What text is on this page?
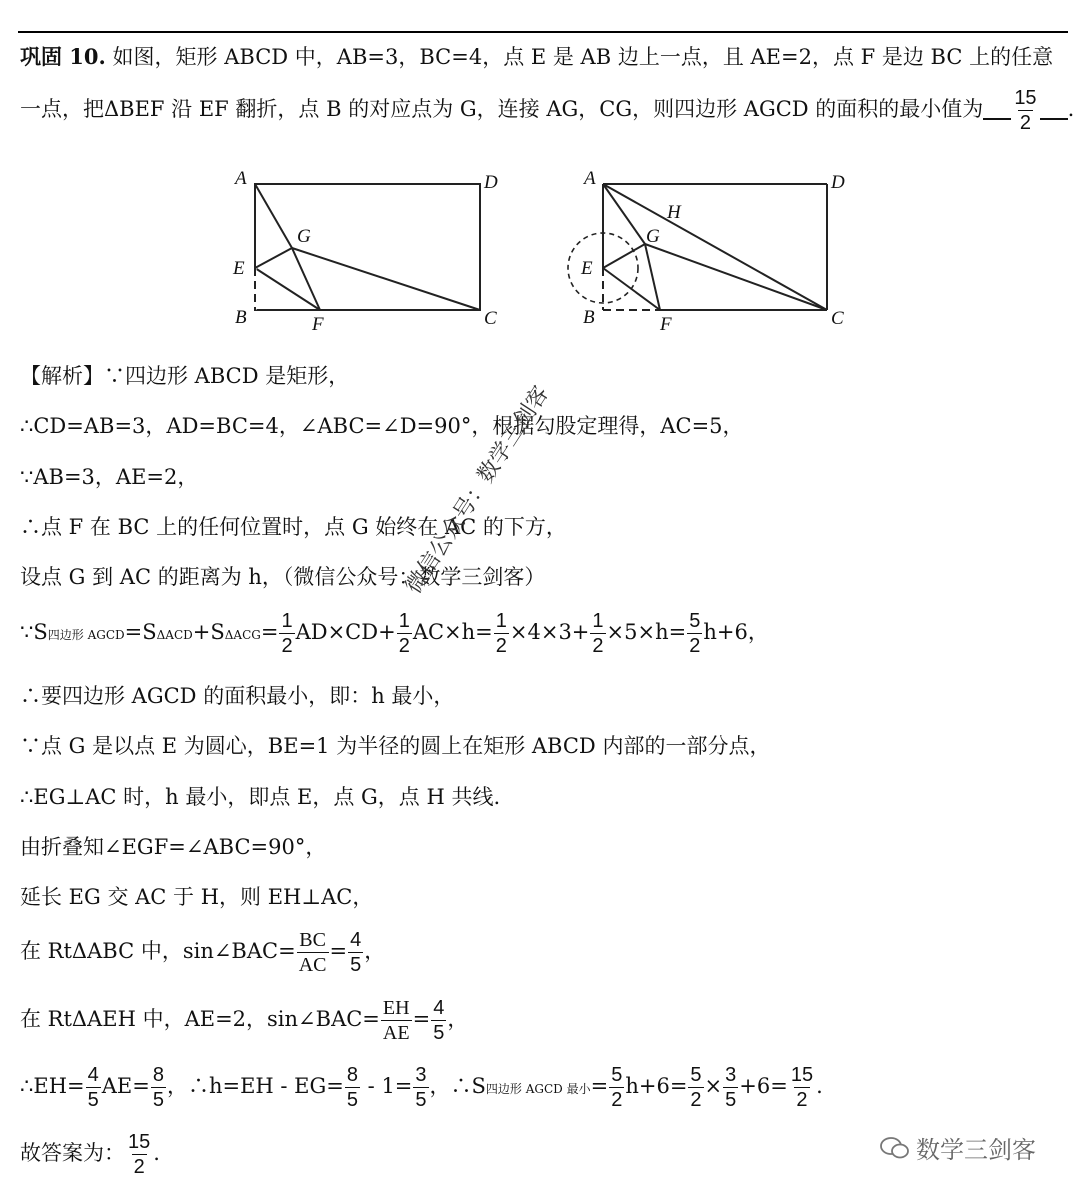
巩固 10. 如图，矩形 ABCD 中，AB=3，BC=4，点 E 是 AB 边上一点，且 AE=2，点 F 是边 BC 上的任意
一点，把ΔBEF 沿 EF 翻折，点 B 的对应点为 G，连接 AG，CG，则四边形 AGCD 的面积的最小值为 $\frac{15}{2}$ .
A	D
G
E
B	F	C
A	D
H
G
E
B	F	C
【解析】∵四边形 ABCD 是矩形，
∴CD=AB=3，AD=BC=4，∠ABC=∠D=90°，根据勾股定理得，AC=5，
∵AB=3，AE=2，
∴点 F 在 BC 上的任何位置时，点 G 始终在 AC 的下方，
设点 G 到 AC 的距离为 h，（微信公众号：数学三剑客）
∵S四边形 AGCD=SΔACD+SΔACG= $\frac{1}{2} AD\times CD+ \frac{1}{2} AC\times h= \frac{1}{2} \times 4\times 3+ \frac{1}{2} \times 5\times h= \frac{5}{2} h+6$，
∴要四边形 AGCD 的面积最小，即：h 最小，
∵点 G 是以点 E 为圆心，BE=1 为半径的圆上在矩形 ABCD 内部的一部分点，
∴EG⊥AC 时，h 最小，即点 E，点 G，点 H 共线.
由折叠知∠EGF=∠ABC=90°，
延长 EG 交 AC 于 H，则 EH⊥AC，
在 RtΔABC 中，sin∠BAC= $\frac{BC}{AC} = \frac{4}{5}$ ，
在 RtΔAEH 中，AE=2，sin∠BAC= $\frac{EH}{AE} = \frac{4}{5}$ ，
∴EH= $\frac{4}{5} AE= \frac{8}{5}$ ，∴h=EH - $EG= \frac{8}{5} - 1= \frac{3}{5}$ ，∴S四边形 AGCD 最小= $\frac{5}{2} h+6= \frac{5}{2} \times \frac{3}{5} +6= \frac{15}{2}$ .
故答案为： $\frac{15}{2}$ .
微信公众号：数学三剑客
数学三剑客
